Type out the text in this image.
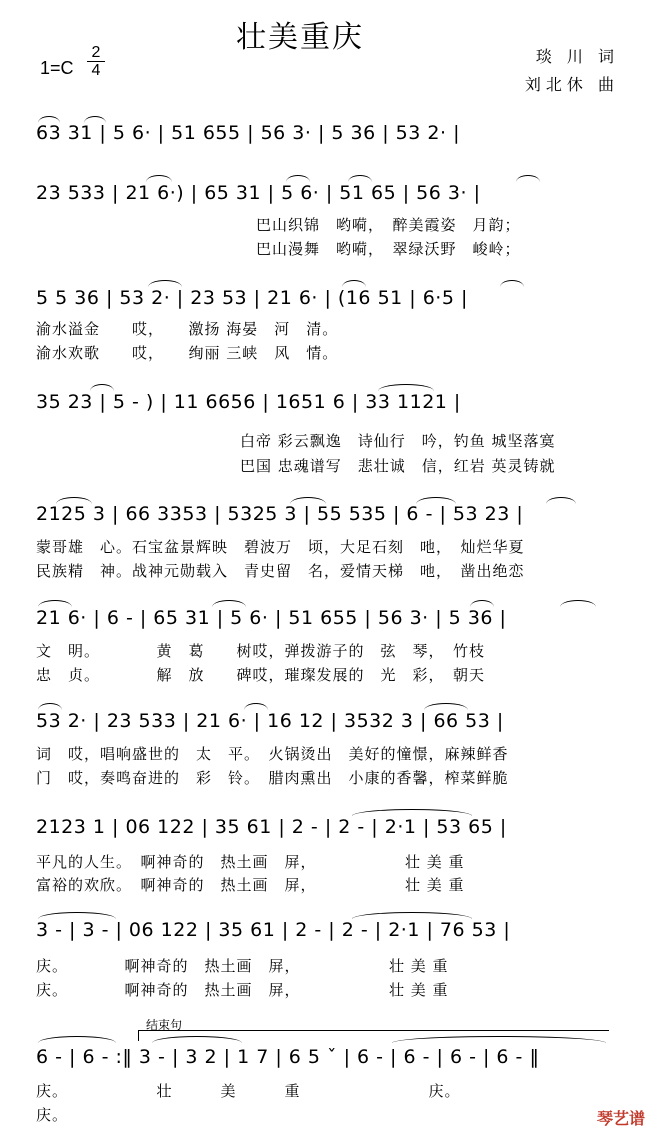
壮美重庆
1=C
2
4
琰 川 词
刘北休 曲
63 31 | 5 6· | 51 655 | 56 3· | 5 36 | 53 2· |
23 533 | 21 6·) | 65 31 | 5 6· | 51 65 | 56 3· |
巴山织锦　哟嗬，　醉美霞姿　月韵；
巴山漫舞　哟嗬，　翠绿沃野　峻岭；
5 5 36 | 53 2· | 23 53 | 21 6· | (16 51 | 6·5 |
渝水溢金　　哎，　　激扬 海晏　河　清。
渝水欢歌　　哎，　　绚丽 三峡　风　情。
35 23 | 5 - ) | 11 6656 | 1651 6 | 33 1121 |
白帝 彩云飘逸　诗仙行　吟，钓鱼 城坚落寞
巴国 忠魂谱写　悲壮诚　信，红岩 英灵铸就
2125 3 | 66 3353 | 5325 3 | 55 535 | 6 - | 53 23 |
蒙哥雄　心。石宝盆景辉映　碧波万　顷，大足石刻　吔，　灿烂华夏
民族精　神。战神元勋载入　青史留　名，爱情天梯　吔，　凿出绝恋
21 6· | 6 - | 65 31 | 5 6· | 51 655 | 56 3· | 5 36 |
文　明。　　　　黄　葛　　树哎，弹拨游子的　弦　琴，　竹枝
忠　贞。　　　　解　放　　碑哎，璀璨发展的　光　彩，　朝天
53 2· | 23 533 | 21 6· | 16 12 | 3532 3 | 66 53 |
词　哎，唱响盛世的　太　平。　火锅烫出　美好的憧憬，麻辣鲜香
门　哎，奏鸣奋进的　彩　铃。　腊肉熏出　小康的香馨，榨菜鲜脆
2123 1 | 06 122 | 35 61 | 2 - | 2 - | 2·1 | 53 65 |
平凡的人生。　啊神奇的　热土画　屏，　　　　　　壮 美 重
富裕的欢欣。　啊神奇的　热土画　屏，　　　　　　壮 美 重
3 - | 3 - | 06 122 | 35 61 | 2 - | 2 - | 2·1 | 76 53 |
庆。　　　　啊神奇的　热土画　屏，　　　　　　壮 美 重
庆。　　　　啊神奇的　热土画　屏，　　　　　　壮 美 重
结束句
6 - | 6 - :‖ 3 - | 3 2 | 1 7 | 6 5 ˇ | 6 - | 6 - | 6 - | 6 - ‖
庆。　　　　　　壮　　　美　　　重　　　　　　　　庆。
庆。	琴艺谱
